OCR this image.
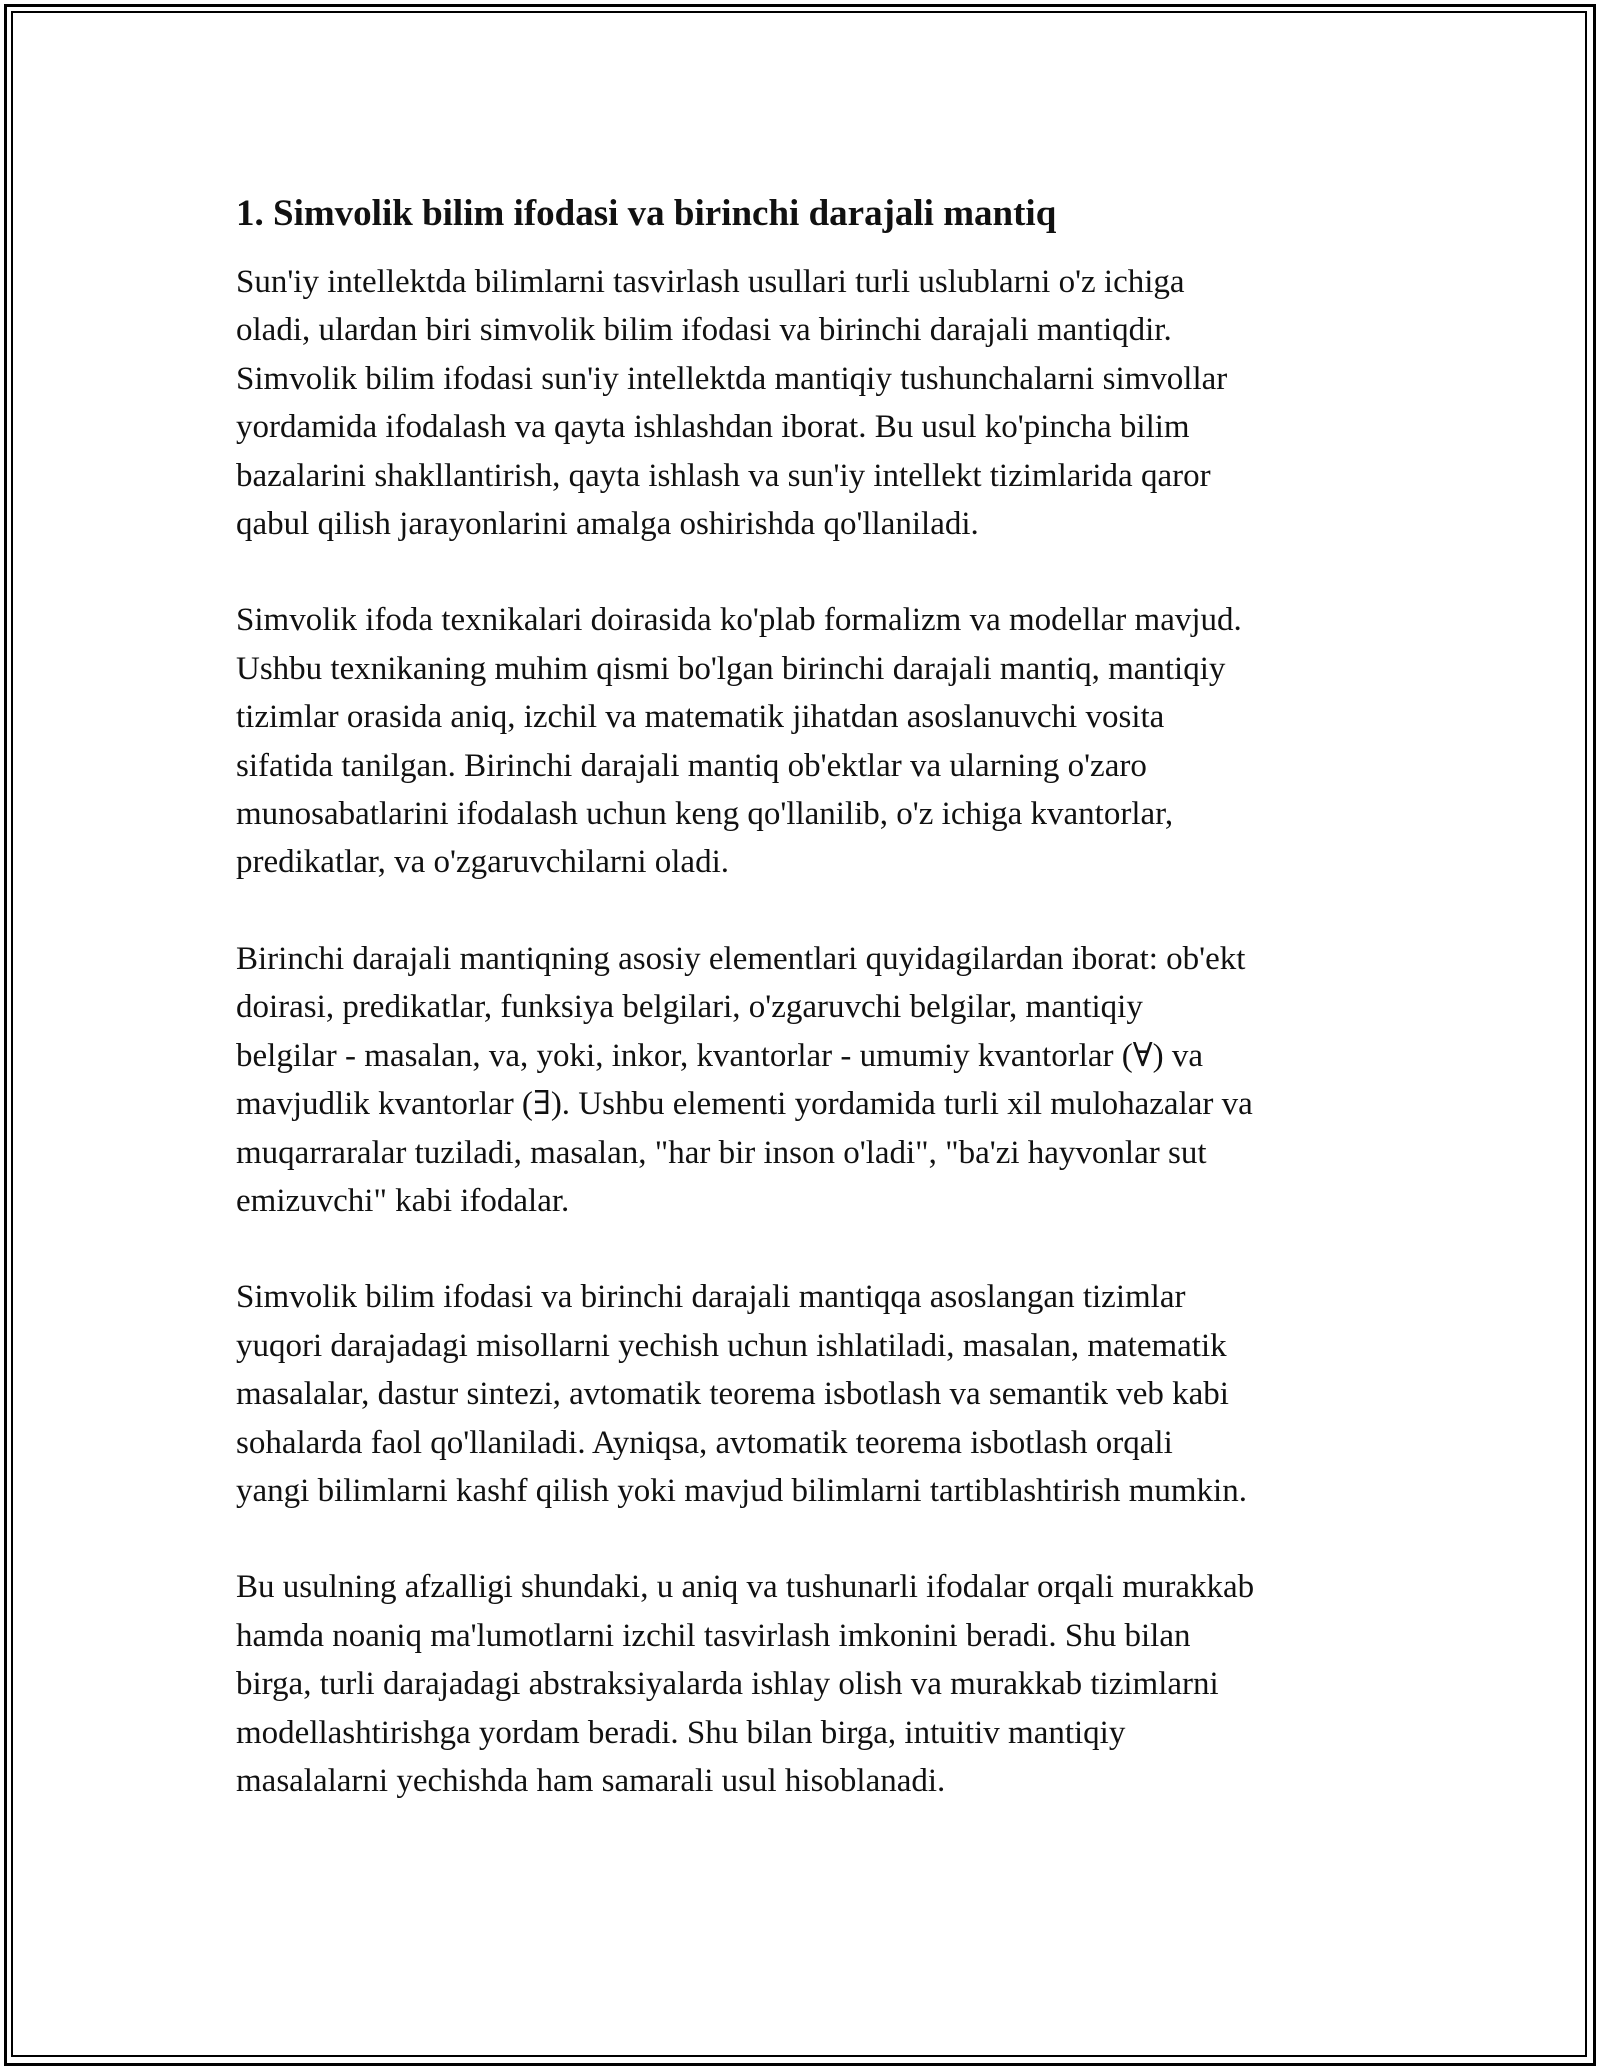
1. Simvolik bilim ifodasi va birinchi darajali mantiq

Sun'iy intellektda bilimlarni tasvirlash usullari turli uslublarni o'z ichiga
oladi, ulardan biri simvolik bilim ifodasi va birinchi darajali mantiqdir.
Simvolik bilim ifodasi sun'iy intellektda mantiqiy tushunchalarni simvollar
yordamida ifodalash va qayta ishlashdan iborat. Bu usul ko'pincha bilim
bazalarini shakllantirish, qayta ishlash va sun'iy intellekt tizimlarida qaror
qabul qilish jarayonlarini amalga oshirishda qo'llaniladi.

Simvolik ifoda texnikalari doirasida ko'plab formalizm va modellar mavjud.
Ushbu texnikaning muhim qismi bo'lgan birinchi darajali mantiq, mantiqiy
tizimlar orasida aniq, izchil va matematik jihatdan asoslanuvchi vosita
sifatida tanilgan. Birinchi darajali mantiq ob'ektlar va ularning o'zaro
munosabatlarini ifodalash uchun keng qo'llanilib, o'z ichiga kvantorlar,
predikatlar, va o'zgaruvchilarni oladi.

Birinchi darajali mantiqning asosiy elementlari quyidagilardan iborat: ob'ekt
doirasi, predikatlar, funksiya belgilari, o'zgaruvchi belgilar, mantiqiy
belgilar - masalan, va, yoki, inkor, kvantorlar - umumiy kvantorlar (∀) va
mavjudlik kvantorlar (∃). Ushbu elementi yordamida turli xil mulohazalar va
muqarraralar tuziladi, masalan, "har bir inson o'ladi", "ba'zi hayvonlar sut
emizuvchi" kabi ifodalar.

Simvolik bilim ifodasi va birinchi darajali mantiqqa asoslangan tizimlar
yuqori darajadagi misollarni yechish uchun ishlatiladi, masalan, matematik
masalalar, dastur sintezi, avtomatik teorema isbotlash va semantik veb kabi
sohalarda faol qo'llaniladi. Ayniqsa, avtomatik teorema isbotlash orqali
yangi bilimlarni kashf qilish yoki mavjud bilimlarni tartiblashtirish mumkin.

Bu usulning afzalligi shundaki, u aniq va tushunarli ifodalar orqali murakkab
hamda noaniq ma'lumotlarni izchil tasvirlash imkonini beradi. Shu bilan
birga, turli darajadagi abstraksiyalarda ishlay olish va murakkab tizimlarni
modellashtirishga yordam beradi. Shu bilan birga, intuitiv mantiqiy
masalalarni yechishda ham samarali usul hisoblanadi.
